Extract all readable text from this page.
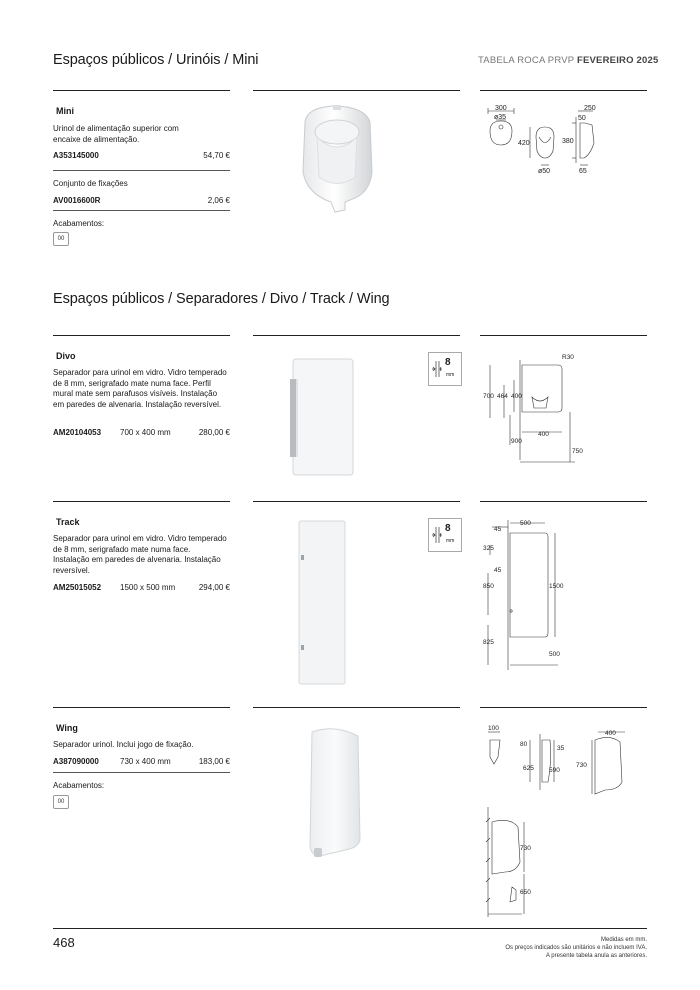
Espaços públicos / Urinóis / Mini	TABELA ROCA PRVP FEVEREIRO 2025
Mini
Urinol de alimentação superior com encaixe de alimentação.
A353145000	54,70 €
Conjunto de fixações
AV0016600R	2,06 €
Acabamentos:
00
300
ø35
420
ø50
250
50
380
65
Espaços públicos / Separadores / Divo / Track / Wing
Divo
Separador para urinol em vidro. Vidro temperado de 8 mm, serigrafado mate numa face. Perfil mural mate sem parafusos visíveis. Instalação em paredes de alvenaria. Instalação reversível.
AM20104053 700 x 400 mm	280,00 €
8
mm
R30
700 464 400
400
900
750
Track
Separador para urinol em vidro. Vidro temperado de 8 mm, serigrafado mate numa face. Instalação em paredes de alvenaria. Instalação reversível.
AM25015052 1500 x 500 mm	294,00 €
8
mm
45
500
325
45
850	1500
825
500
Wing
Separador urinol. Inclui jogo de fixação.
A387090000	730 x 400 mm	183,00 €
Acabamentos:
00
100
80
35
625 590
400
730
730
650
468	Medidas em mm.
Os preços indicados são unitários e não incluem IVA.
A presente tabela anula as anteriores.
